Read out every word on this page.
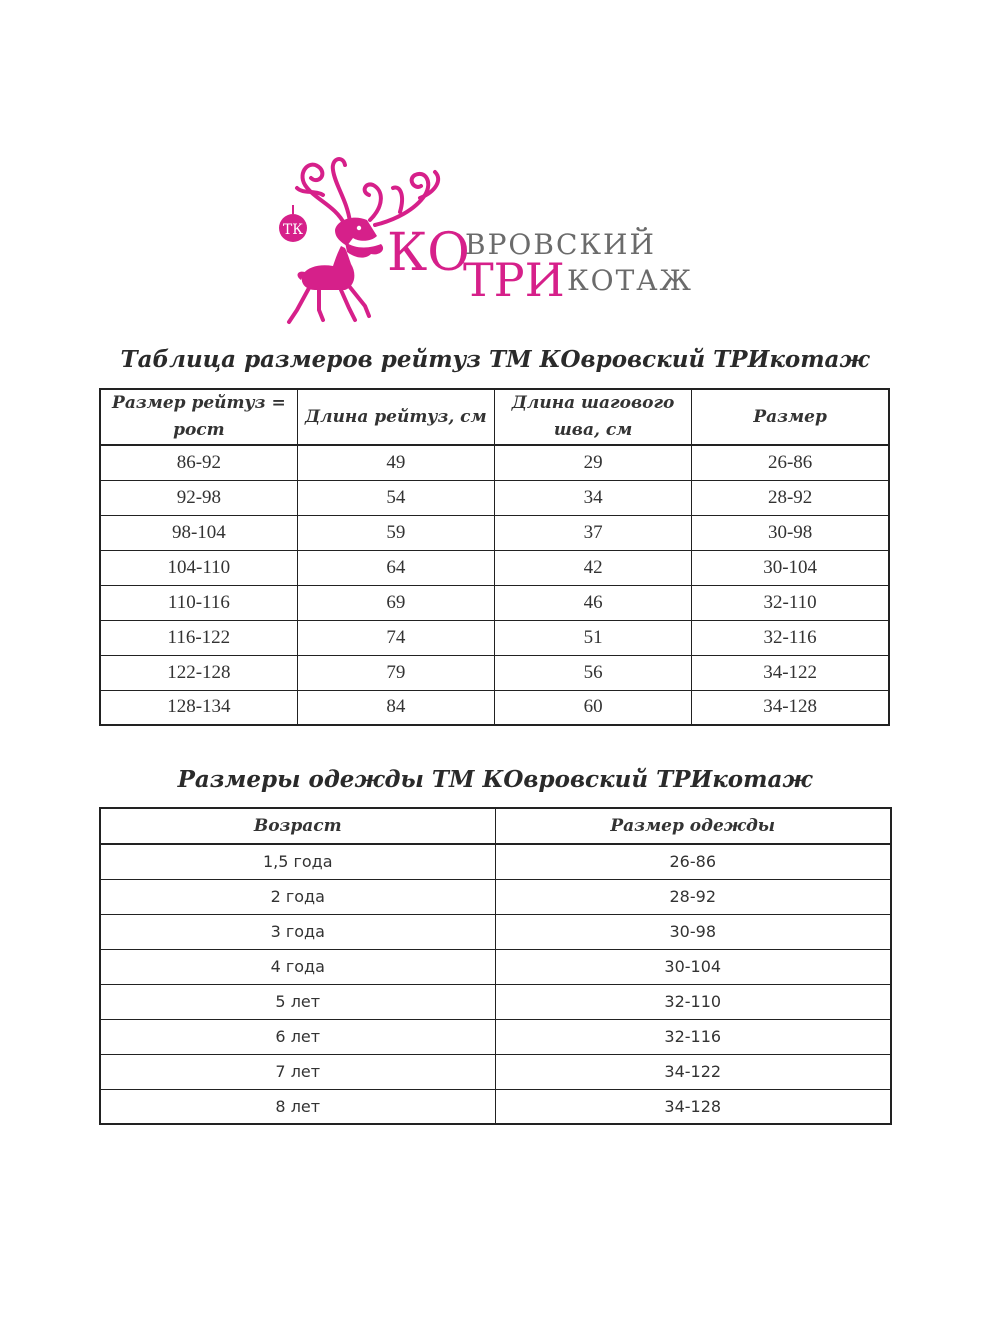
ТК КО
ВРОВСКИЙ
ТРИ КОТАЖ
Таблица размеров рейтуз ТМ КОвровский ТРИкотаж
Размер рейтуз = рост	Длина рейтуз, см	Длина шагового шва, см	Размер
86-92	49	29	26-86
92-98	54	34	28-92
98-104	59	37	30-98
104-110	64	42	30-104
110-116	69	46	32-110
116-122	74	51	32-116
122-128	79	56	34-122
128-134	84	60	34-128
Размеры одежды ТМ КОвровский ТРИкотаж
Возраст	Размер одежды
1,5 года	26-86
2 года	28-92
3 года	30-98
4 года	30-104
5 лет	32-110
6 лет	32-116
7 лет	34-122
8 лет	34-128
